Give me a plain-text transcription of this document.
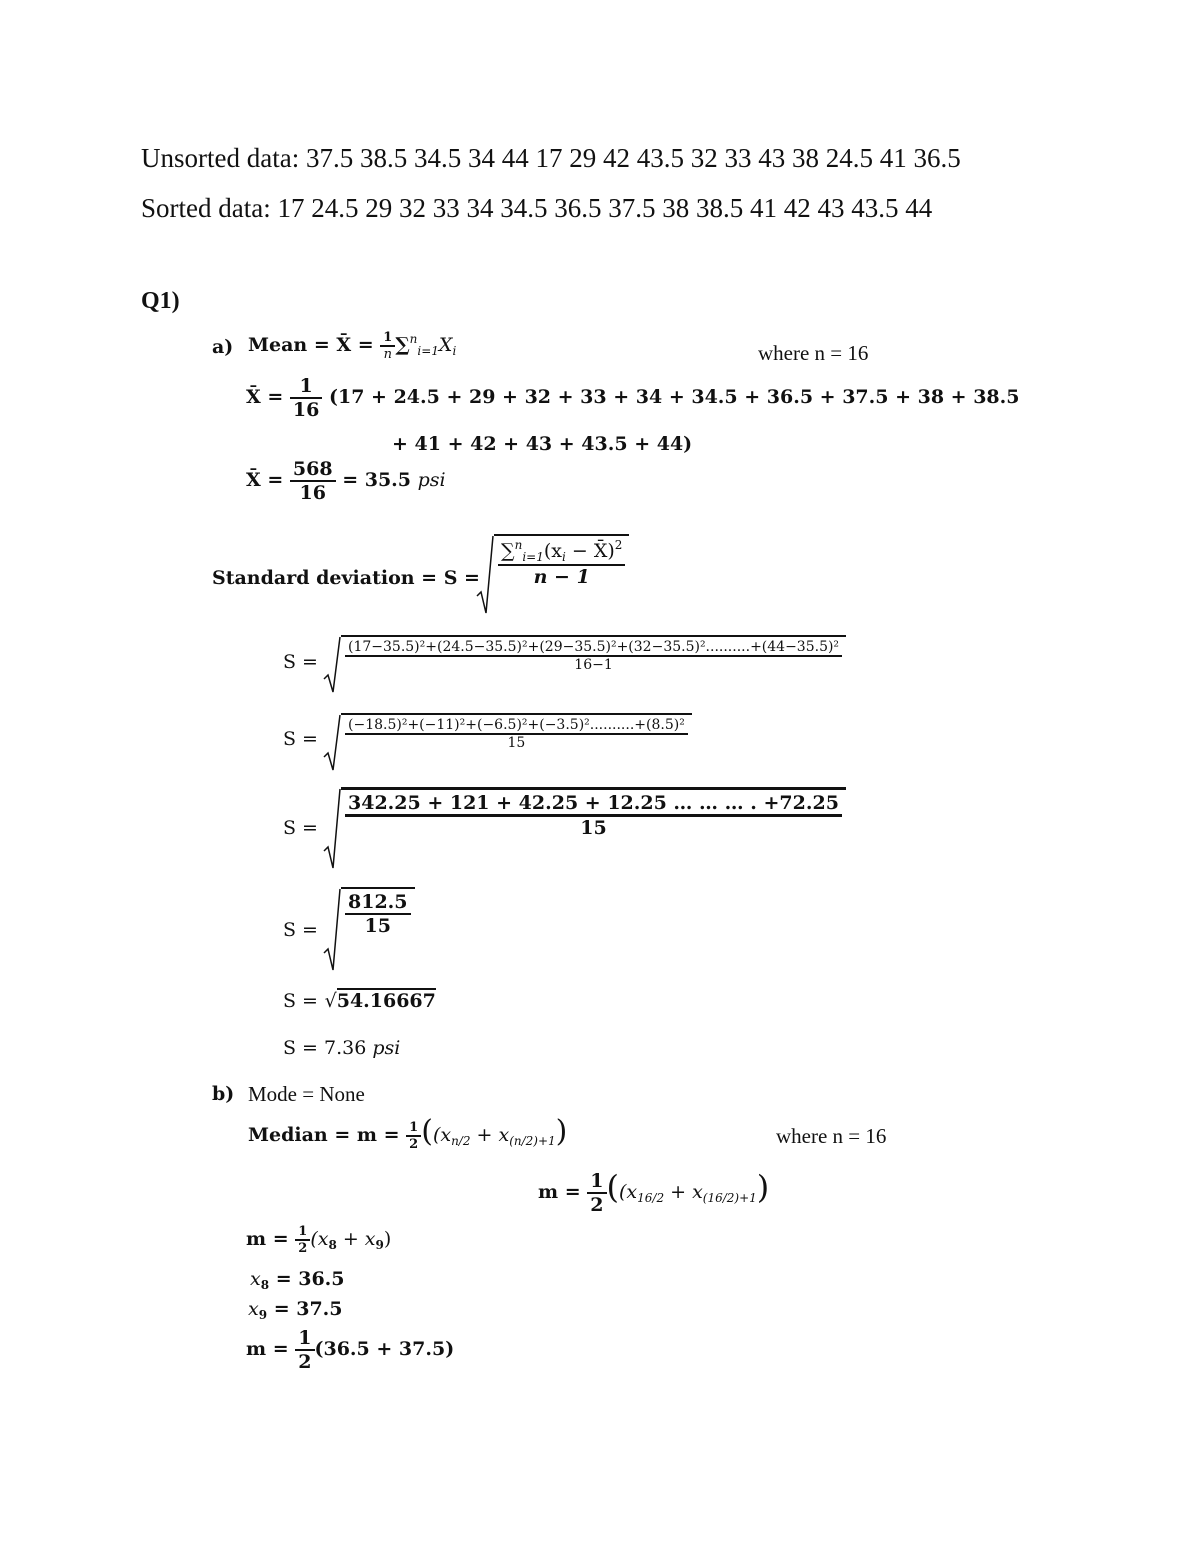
Unsorted data: 37.5 38.5 34.5 34 44 17 29 42 43.5 32 33 43 38 24.5 41 36.5
Sorted data: 17 24.5 29 32 33 34 34.5 36.5 37.5 38 38.5 41 42 43 43.5 44
Q1)
a) Mean = X̄ = $\frac{1}{n} \sum^n_{i=1}X_i$	where n = 16
X̄ = $\frac{1}{16} (17 + 24.5 + 29 + 32 + 33 + 34 + 34.5 + 36.5 + 37.5 + 38 + 38.5$
+ 41 + 42 + 43 + 43.5 + 44)
X̄ = $\frac{568}{16} = 35.5$ psi
Standard deviation = $S = \frac{\sum^n_{i=1}(x_i - X̄)^2}{n - 1}$
S =
(17−35.5)²+(24.5−35.5)²+(29−35.5)²+(32−35.5)²..........+(44−35.5)²
16−1
$S = \frac{\text{(−18.5)²+(−11)²+(−6.5)²+(−3.5)²..........+(8.5)²}}{15}$
$S = \frac{342.25 + 121 + 42.25 + 12.25 \dots \dots \dots . +72.25}{15}$
$S = \frac{812.5}{15}$
S = √54.16667
S = 7.36 psi
b) Mode = None
Median = $m = \frac{1}{2} ((x_{n/2} + x_{(n/2)+1})$	where n = 16
$m = \frac{1}{2} ((x_{16/2} + x_{(16/2)+1})$
$m = \frac{1}{2} (x_8 + x_9)$
$x_8 = 36.5$
$x_9 = 37.5$
$m = \frac{1}{2} (36.5 + 37.5)$
